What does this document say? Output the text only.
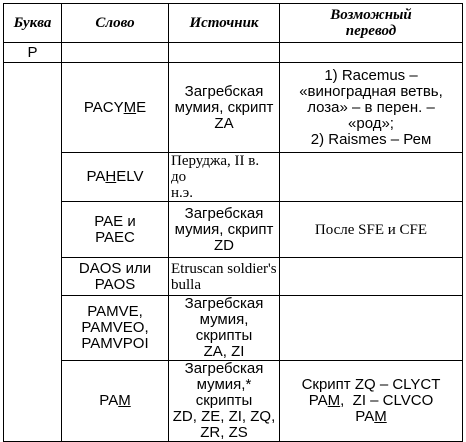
Буква	Слово	Источник	Возможный
перевод

Р			
	PACYME	Загребская
мумия, скрипт
ZA	1) Racemus –
«виноградная ветвь,
лоза» – в перен. –
«род»;
2) Raismes – Рем

	PAHELV	Перуджа, II в. до
н.э.	

	PAE и
PAEC	Загребская
мумия, скрипт
ZD	После SFE и CFE

	DAOS или
PAOS	Etruscan soldier's
bulla	

	PAMVE,
PAMVEO,
PAMVPOI	Загребская
мумия, скрипты
ZA, ZI	

	PAM	Загребская
мумия,* скрипты
ZD, ZE, ZI, ZQ,
ZR, ZS	Скрипт ZQ – CLYCT
PAM,  ZI – CLVCO
PAM
